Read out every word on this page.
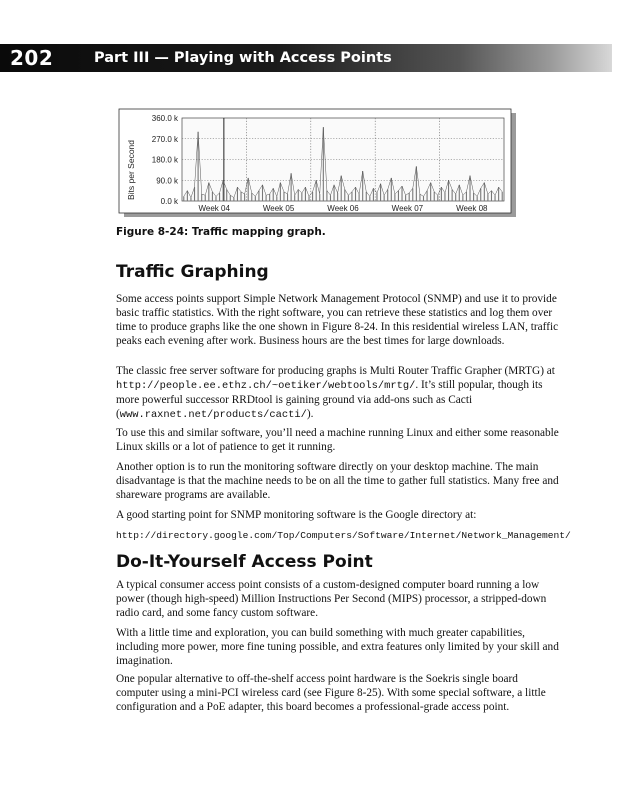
202	Part III — Playing with Access Points
Bits per Second
0.0 k
90.0 k
180.0 k
270.0 k
360.0 k
Week 04	Week 05	Week 06	Week 07	Week 08
Figure 8-24: Traffic mapping graph.
Traffic Graphing

Some access points support Simple Network Management Protocol (SNMP) and use it to provide basic traffic statistics. With the right software, you can retrieve these statistics and log them over time to produce graphs like the one shown in Figure 8-24. In this residential wireless LAN, traffic peaks each evening after work. Business hours are the best times for large downloads.

The classic free server software for producing graphs is Multi Router Traffic Grapher (MRTG) at http://people.ee.ethz.ch/~oetiker/webtools/mrtg/. It’s still popular, though its more powerful successor RRDtool is gaining ground via add-ons such as Cacti (www.raxnet.net/products/cacti/).

To use this and similar software, you’ll need a machine running Linux and either some reasonable Linux skills or a lot of patience to get it running.

Another option is to run the monitoring software directly on your desktop machine. The main disadvantage is that the machine needs to be on all the time to gather full statistics. Many free and shareware programs are available.

A good starting point for SNMP monitoring software is the Google directory at:

http://directory.google.com/Top/Computers/Software/Internet/Network_Management/

Do-It-Yourself Access Point

A typical consumer access point consists of a custom-designed computer board running a low power (though high-speed) Million Instructions Per Second (MIPS) processor, a stripped-down radio card, and some fancy custom software.

With a little time and exploration, you can build something with much greater capabilities, including more power, more fine tuning possible, and extra features only limited by your skill and imagination.

One popular alternative to off-the-shelf access point hardware is the Soekris single board computer using a mini-PCI wireless card (see Figure 8-25). With some special software, a little configuration and a PoE adapter, this board becomes a professional-grade access point.
